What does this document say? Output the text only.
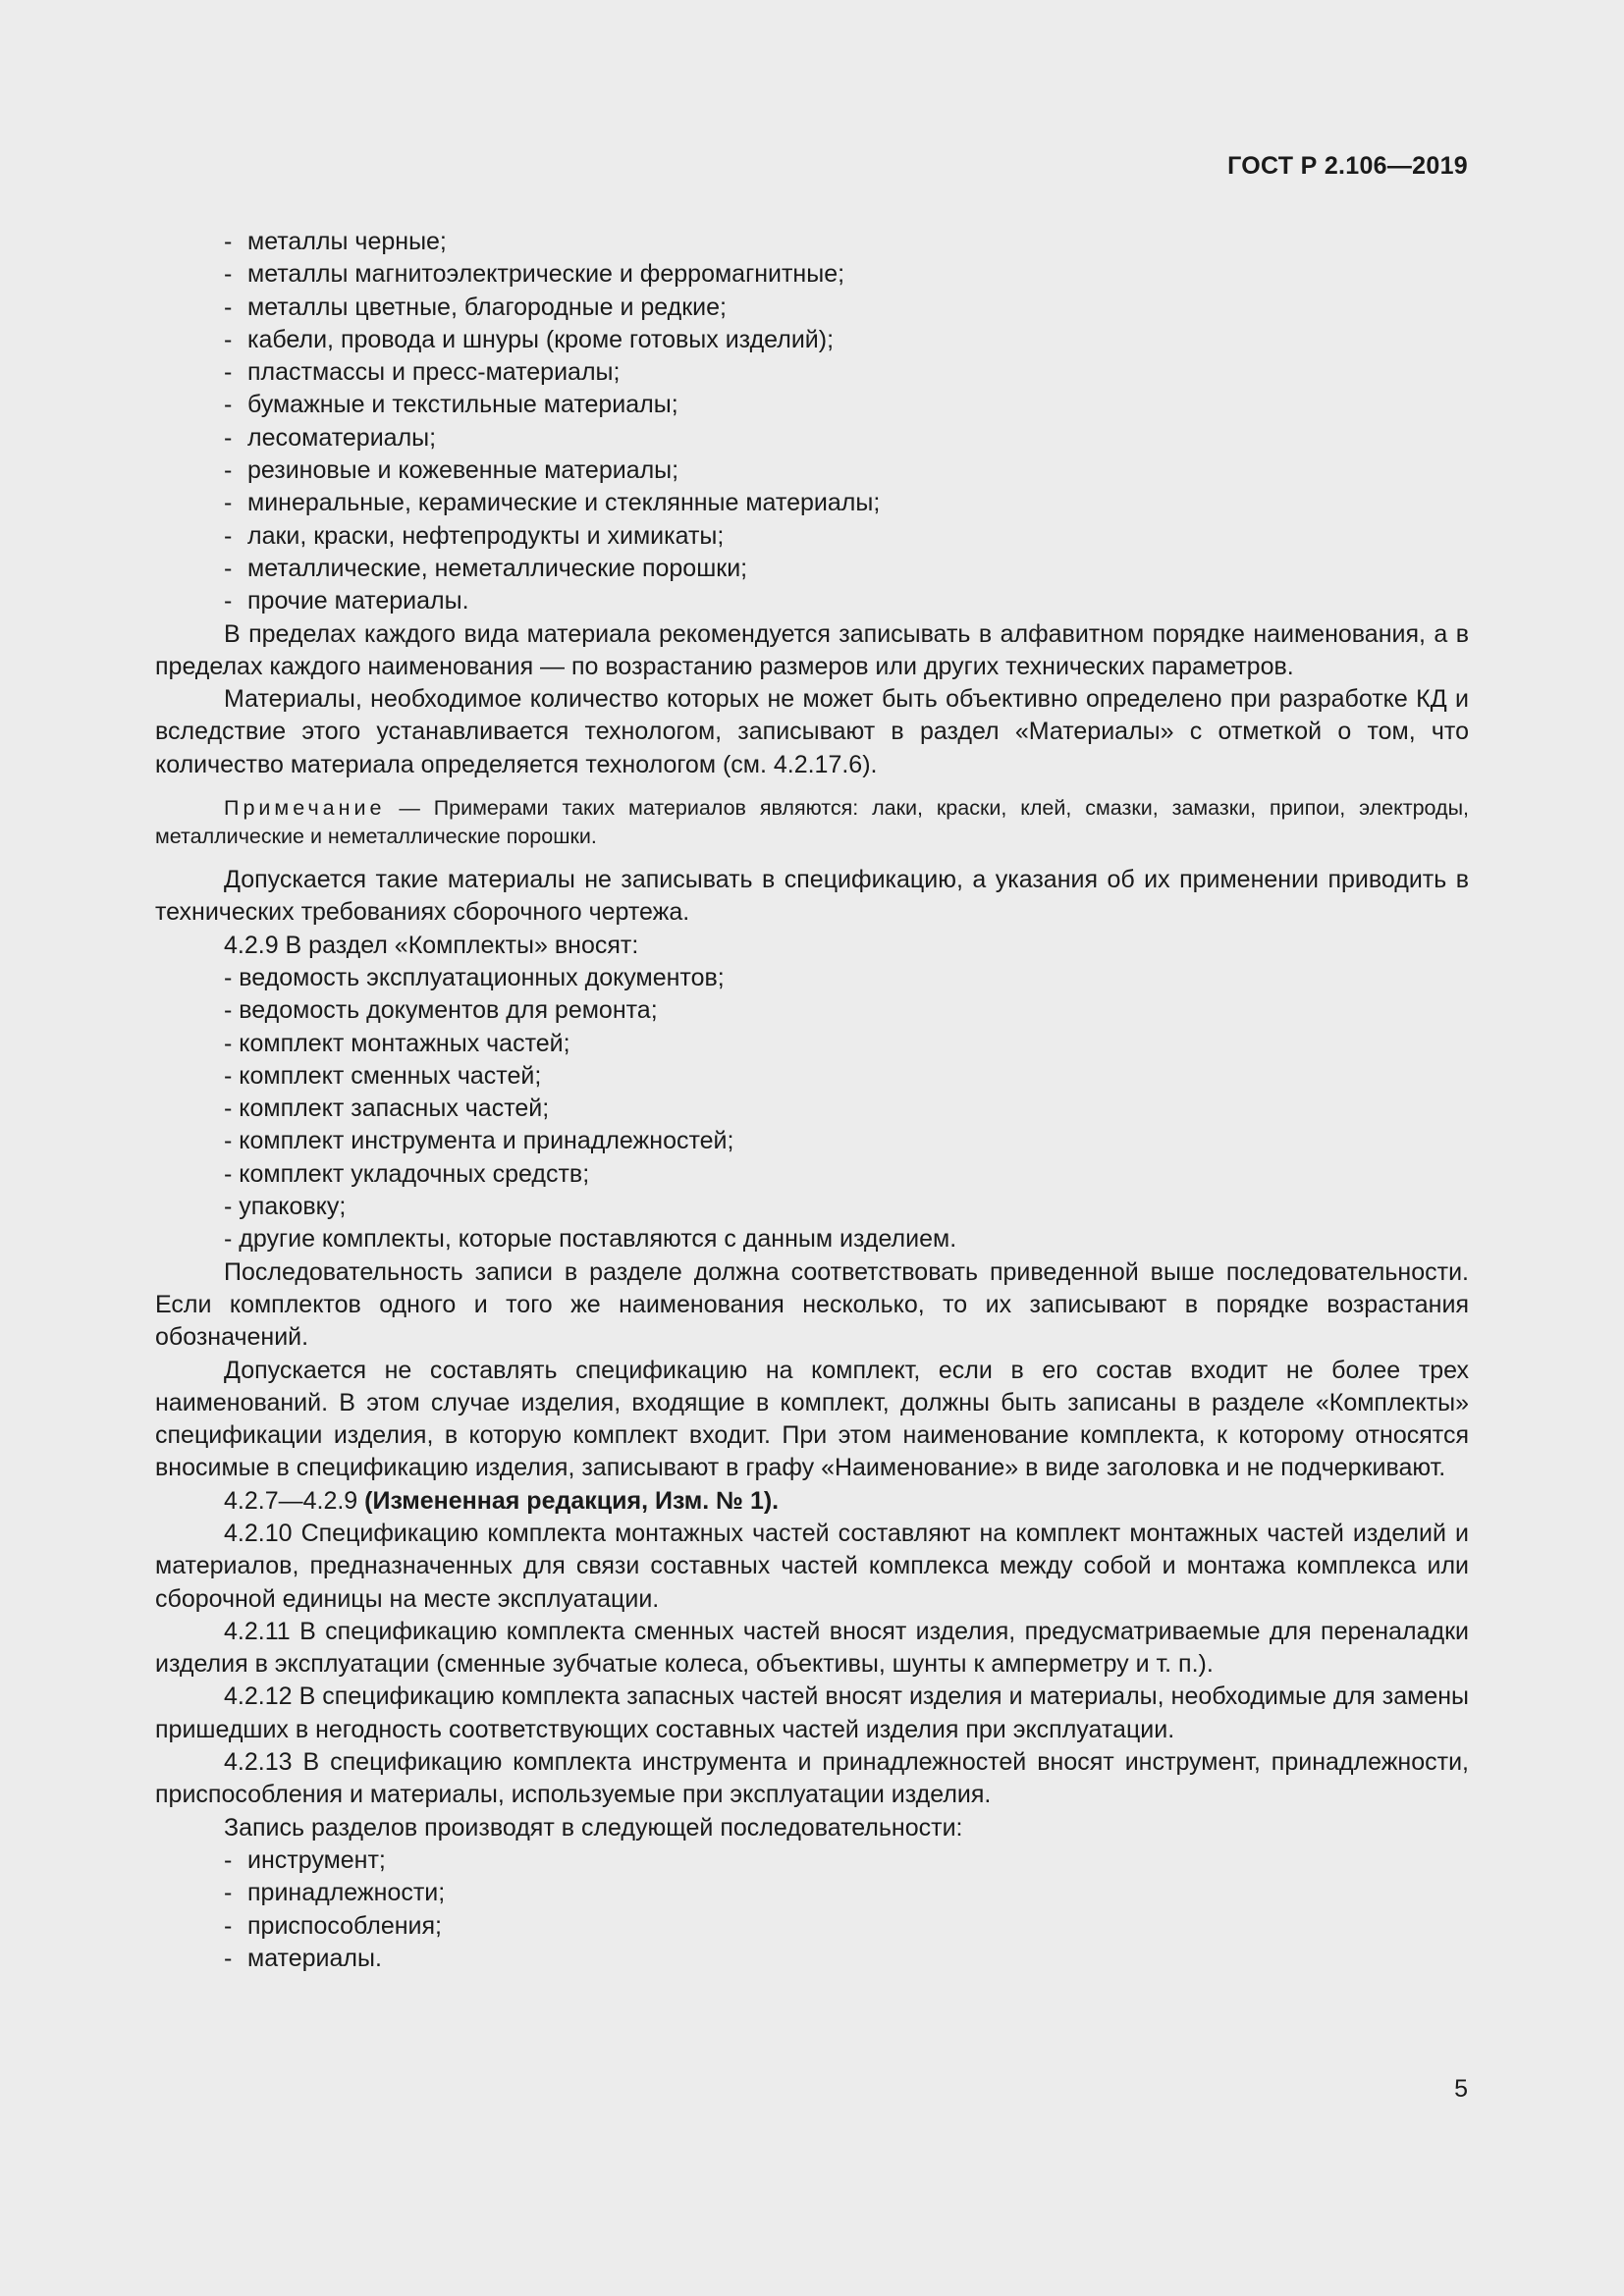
ГОСТ Р 2.106—2019
- металлы черные;
- металлы магнитоэлектрические и ферромагнитные;
- металлы цветные, благородные и редкие;
- кабели, провода и шнуры (кроме готовых изделий);
- пластмассы и пресс-материалы;
- бумажные и текстильные материалы;
- лесоматериалы;
- резиновые и кожевенные материалы;
- минеральные, керамические и стеклянные материалы;
- лаки, краски, нефтепродукты и химикаты;
- металлические, неметаллические порошки;
- прочие материалы.
В пределах каждого вида материала рекомендуется записывать в алфавитном порядке наименования, а в пределах каждого наименования — по возрастанию размеров или других технических параметров.
Материалы, необходимое количество которых не может быть объективно определено при разработке КД и вследствие этого устанавливается технологом, записывают в раздел «Материалы» с отметкой о том, что количество материала определяется технологом (см. 4.2.17.6).
Примечание — Примерами таких материалов являются: лаки, краски, клей, смазки, замазки, припои, электроды, металлические и неметаллические порошки.
Допускается такие материалы не записывать в спецификацию, а указания об их применении приводить в технических требованиях сборочного чертежа.
4.2.9 В раздел «Комплекты» вносят:
- ведомость эксплуатационных документов;
- ведомость документов для ремонта;
- комплект монтажных частей;
- комплект сменных частей;
- комплект запасных частей;
- комплект инструмента и принадлежностей;
- комплект укладочных средств;
- упаковку;
- другие комплекты, которые поставляются с данным изделием.
Последовательность записи в разделе должна соответствовать приведенной выше последовательности. Если комплектов одного и того же наименования несколько, то их записывают в порядке возрастания обозначений.
Допускается не составлять спецификацию на комплект, если в его состав входит не более трех наименований. В этом случае изделия, входящие в комплект, должны быть записаны в разделе «Комплекты» спецификации изделия, в которую комплект входит. При этом наименование комплекта, к которому относятся вносимые в спецификацию изделия, записывают в графу «Наименование» в виде заголовка и не подчеркивают.
4.2.7—4.2.9 (Измененная редакция, Изм. № 1).
4.2.10 Спецификацию комплекта монтажных частей составляют на комплект монтажных частей изделий и материалов, предназначенных для связи составных частей комплекса между собой и монтажа комплекса или сборочной единицы на месте эксплуатации.
4.2.11 В спецификацию комплекта сменных частей вносят изделия, предусматриваемые для переналадки изделия в эксплуатации (сменные зубчатые колеса, объективы, шунты к амперметру и т. п.).
4.2.12 В спецификацию комплекта запасных частей вносят изделия и материалы, необходимые для замены пришедших в негодность соответствующих составных частей изделия при эксплуатации.
4.2.13 В спецификацию комплекта инструмента и принадлежностей вносят инструмент, принадлежности, приспособления и материалы, используемые при эксплуатации изделия.
Запись разделов производят в следующей последовательности:
- инструмент;
- принадлежности;
- приспособления;
- материалы.
5
